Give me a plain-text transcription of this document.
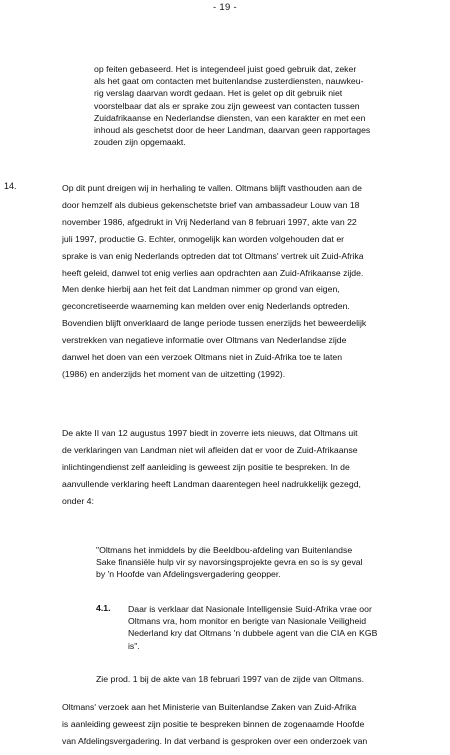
- 19 -
op feiten gebaseerd. Het is integendeel juist goed gebruik dat, zeker
als het gaat om contacten met buitenlandse zusterdiensten, nauwkeu-
rig verslag daarvan wordt gedaan. Het is gelet op dit gebruik niet
voorstelbaar dat als er sprake zou zijn geweest van contacten tussen
Zuidafrikaanse en Nederlandse diensten, van een karakter en met een
inhoud als geschetst door de heer Landman, daarvan geen rapportages
zouden zijn opgemaakt.
14.	Op dit punt dreigen wij in herhaling te vallen. Oltmans blijft vasthouden aan de
door hemzelf als dubieus gekenschetste brief van ambassadeur Louw van 18
november 1986, afgedrukt in Vrij Nederland van 8 februari 1997, akte van 22
juli 1997, productie G. Echter, onmogelijk kan worden volgehouden dat er
sprake is van enig Nederlands optreden dat tot Oltmans' vertrek uit Zuid-Afrika
heeft geleid, danwel tot enig verlies aan opdrachten aan Zuid-Afrikaanse zijde.
Men denke hierbij aan het feit dat Landman nimmer op grond van eigen,
geconcretiseerde waarneming kan melden over enig Nederlands optreden.
Bovendien blijft onverklaard de lange periode tussen enerzijds het beweerdelijk
verstrekken van negatieve informatie over Oltmans van Nederlandse zijde
danwel het doen van een verzoek Oltmans niet in Zuid-Afrika toe te laten
(1986) en anderzijds het moment van de uitzetting (1992).
De akte II van 12 augustus 1997 biedt in zoverre iets nieuws, dat Oltmans uit
de verklaringen van Landman niet wil afleiden dat er voor de Zuid-Afrikaanse
inlichtingendienst zelf aanleiding is geweest zijn positie te bespreken. In de
aanvullende verklaring heeft Landman daarentegen heel nadrukkelijk gezegd,
onder 4:
"Oltmans het inmiddels by die Beeldbou-afdeling van Buitenlandse
Sake finansiële hulp vir sy navorsingsprojekte gevra en so is sy geval
by 'n Hoofde van Afdelingsvergadering geopper.
4.1. Daar is verklaar dat Nasionale Intelligensie Suid-Afrika vrae oor
Oltmans vra, hom monitor en berigte van Nasionale Veiligheid
Nederland kry dat Oltmans 'n dubbele agent van die CIA en KGB
is".
Zie prod. 1 bij de akte van 18 februari 1997 van de zijde van Oltmans.
Oltmans' verzoek aan het Ministerie van Buitenlandse Zaken van Zuid-Afrika
is aanleiding geweest zijn positie te bespreken binnen de zogenaamde Hoofde
van Afdelingsvergadering. In dat verband is gesproken over een onderzoek van
